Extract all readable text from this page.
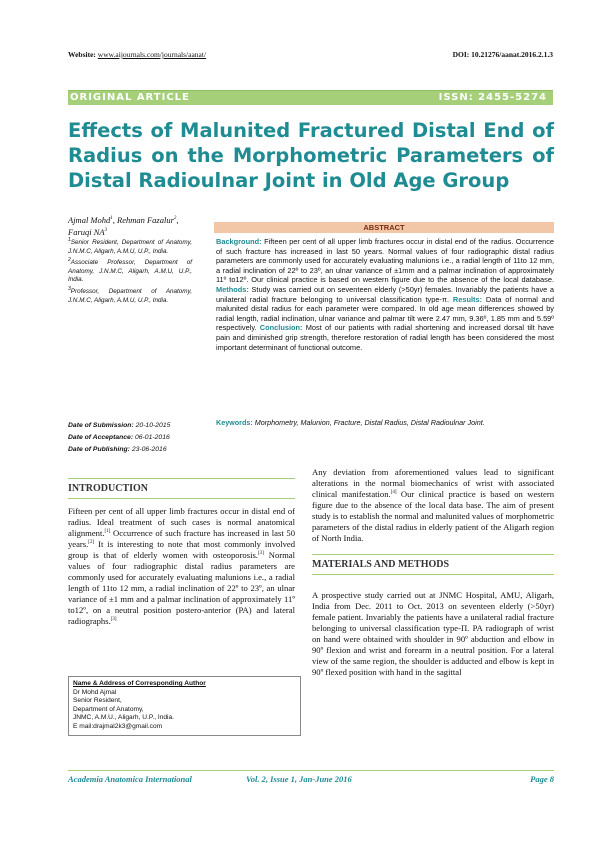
Website: www.aijournals.com/journals/aanat/	DOI: 10.21276/aanat.2016.2.1.3
ORIGINAL ARTICLE	ISSN: 2455-5274
Effects of Malunited Fractured Distal End of
Radius on the Morphometric Parameters of
Distal Radioulnar Joint in Old Age Group
Ajmal Mohd$^1$, Rehman Fazalur$^2$, Faruqi $NA^3$

$^1$Senior Resident, Department of Anatomy, J.N.M.C, Aligarh, A.M.U, U.P., India.

$^2$Associate Professor, Department of Anatomy, J.N.M.C, Aligarh, A.M.U, U.P., India.

$^3$Professor, Department of Anatomy, J.N.M.C, Aligarh, A.M.U, U.P., India.

Date of Submission: 20-10-2015
Date of Acceptance: 06-01-2016
Date of Publishing: 23-06-2016
ABSTRACT
Background: Fifteen per cent of all upper limb fractures occur in distal end of the radius. Occurrence of such fracture has increased in last 50 years. Normal values of four radiographic distal radius parameters are commonly used for accurately evaluating malunions i.e., a radial length of 11to 12 mm, a radial inclination of 22º to 23º, an ulnar variance of ±1mm and a palmar inclination of approximately 11º to12º. Our clinical practice is based on western figure due to the absence of the local database. Methods: Study was carried out on seventeen elderly (>50yr) females. Invariably the patients have a unilateral radial fracture belonging to universal classification type-π. Results: Data of normal and malunited distal radius for each parameter were compared. In old age mean differences showed by radial length, radial inclination, ulnar variance and palmar tilt were 2.47 mm, 9.36º, 1.85 mm and 5.59º respectively. Conclusion: Most of our patients with radial shortening and increased dorsal tilt have pain and diminished grip strength, therefore restoration of radial length has been considered the most important determinant of functional outcome.
Keywords: Morphometry, Malunion, Fracture, Distal Radius, Distal Radioulnar Joint.
INTRODUCTION
Fifteen per cent of all upper limb fractures occur in distal end of radius. Ideal treatment of such cases is normal anatomical alignment.[1] Occurrence of such fracture has increased in last 50 years.[2] It is interesting to note that most commonly involved group is that of elderly women with osteoporosis.[3] Normal values of four radiographic distal radius parameters are commonly used for accurately evaluating malunions i.e., a radial length of 11to 12 mm, a radial inclination of 22º to 23º, an ulnar variance of ±1 mm and a palmar inclination of approximately 11º to12º, on a neutral position postero-anterior (PA) and lateral radiographs.[3]
Any deviation from aforementioned values lead to significant alterations in the normal biomechanics of wrist with associated clinical manifestation.[4] Our clinical practice is based on western figure due to the absence of the local data base. The aim of present study is to establish the normal and malunited values of morphometric parameters of the distal radius in elderly patient of the Aligarh region of North India.
MATERIALS AND METHODS
A prospective study carried out at JNMC Hospital, AMU, Aligarh, India from Dec. 2011 to Oct. 2013 on seventeen elderly (>50yr) female patient. Invariably the patients have a unilateral radial fracture belonging to universal classification type-Π. PA radiograph of wrist on hand were obtained with shoulder in 90º abduction and elbow in 90º flexion and wrist and forearm in a neutral position. For a lateral view of the same region, the shoulder is adducted and elbow is kept in 90º flexed position with hand in the sagittal
Name & Address of Corresponding Author
Dr Mohd Ajmal
Senior Resident,
Department of Anatomy,
JNMC, A.M.U., Aligarh, U.P., India.
E mail:drajmal2k3@gmail.com
Academia Anatomica International	Vol. 2, Issue 1, Jan-June 2016	Page 8
